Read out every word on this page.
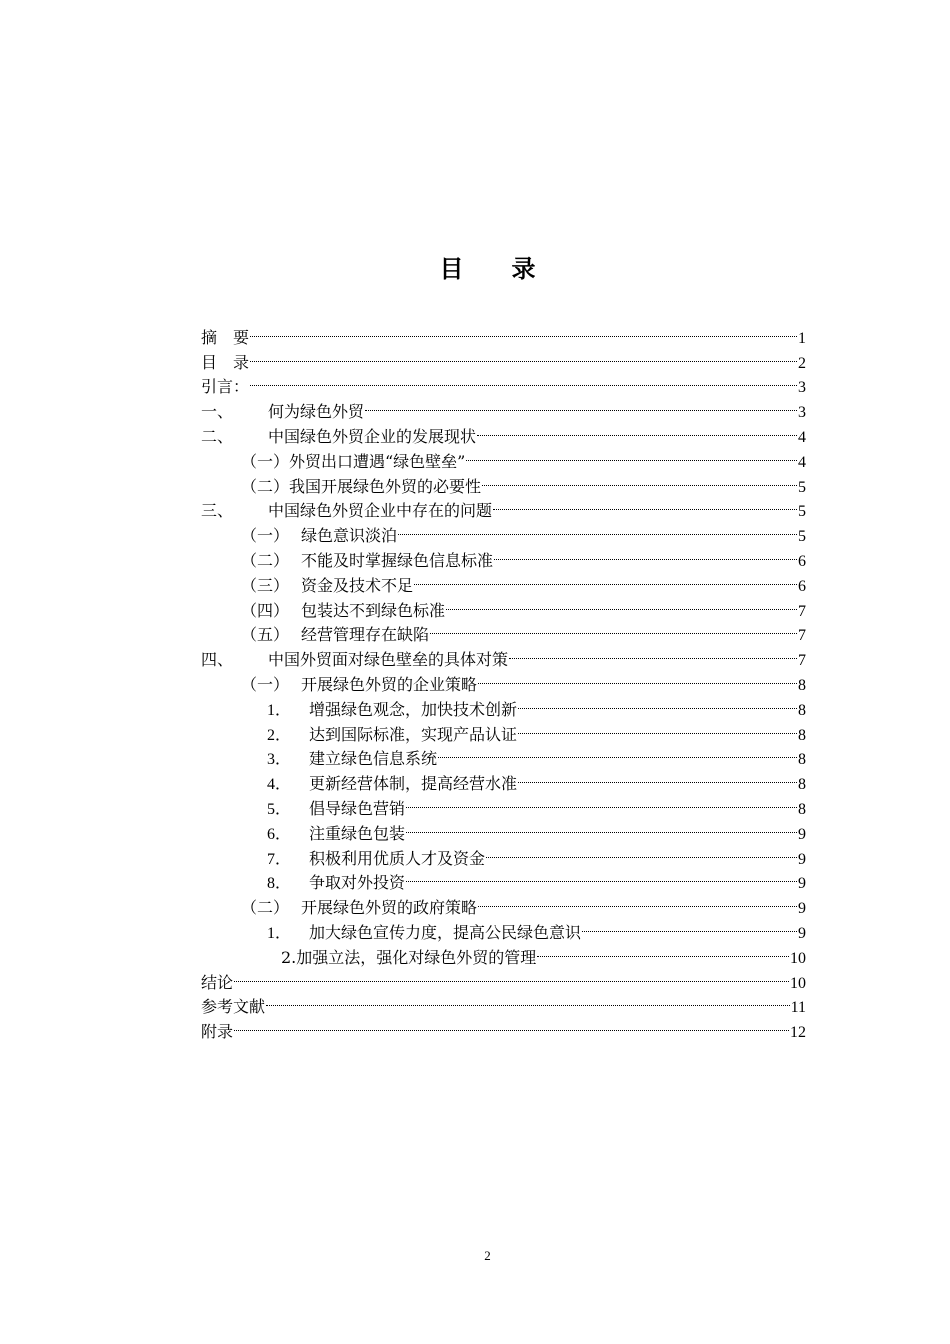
目 录
摘　要	1
目　录	2
引言：	3
一、	何为绿色外贸	3
二、	中国绿色外贸企业的发展现状	4
（一）外贸出口遭遇“绿色壁垒”	4
（二）我国开展绿色外贸的必要性	5
三、	中国绿色外贸企业中存在的问题	5
（一） 绿色意识淡泊	5
（二） 不能及时掌握绿色信息标准	6
（三） 资金及技术不足	6
（四） 包装达不到绿色标准	7
（五） 经营管理存在缺陷	7
四、	中国外贸面对绿色壁垒的具体对策	7
（一） 开展绿色外贸的企业策略	8
1．	增强绿色观念，加快技术创新	8
2．	达到国际标准，实现产品认证	8
3．	建立绿色信息系统	8
4．	更新经营体制，提高经营水准	8
5．	倡导绿色营销	8
6．	注重绿色包装	9
7．	积极利用优质人才及资金	9
8．	争取对外投资	9
（二） 开展绿色外贸的政府策略	9
1．	加大绿色宣传力度，提高公民绿色意识	9
2.加强立法，强化对绿色外贸的管理	10
结论	10
参考文献	11
附录	12
2
